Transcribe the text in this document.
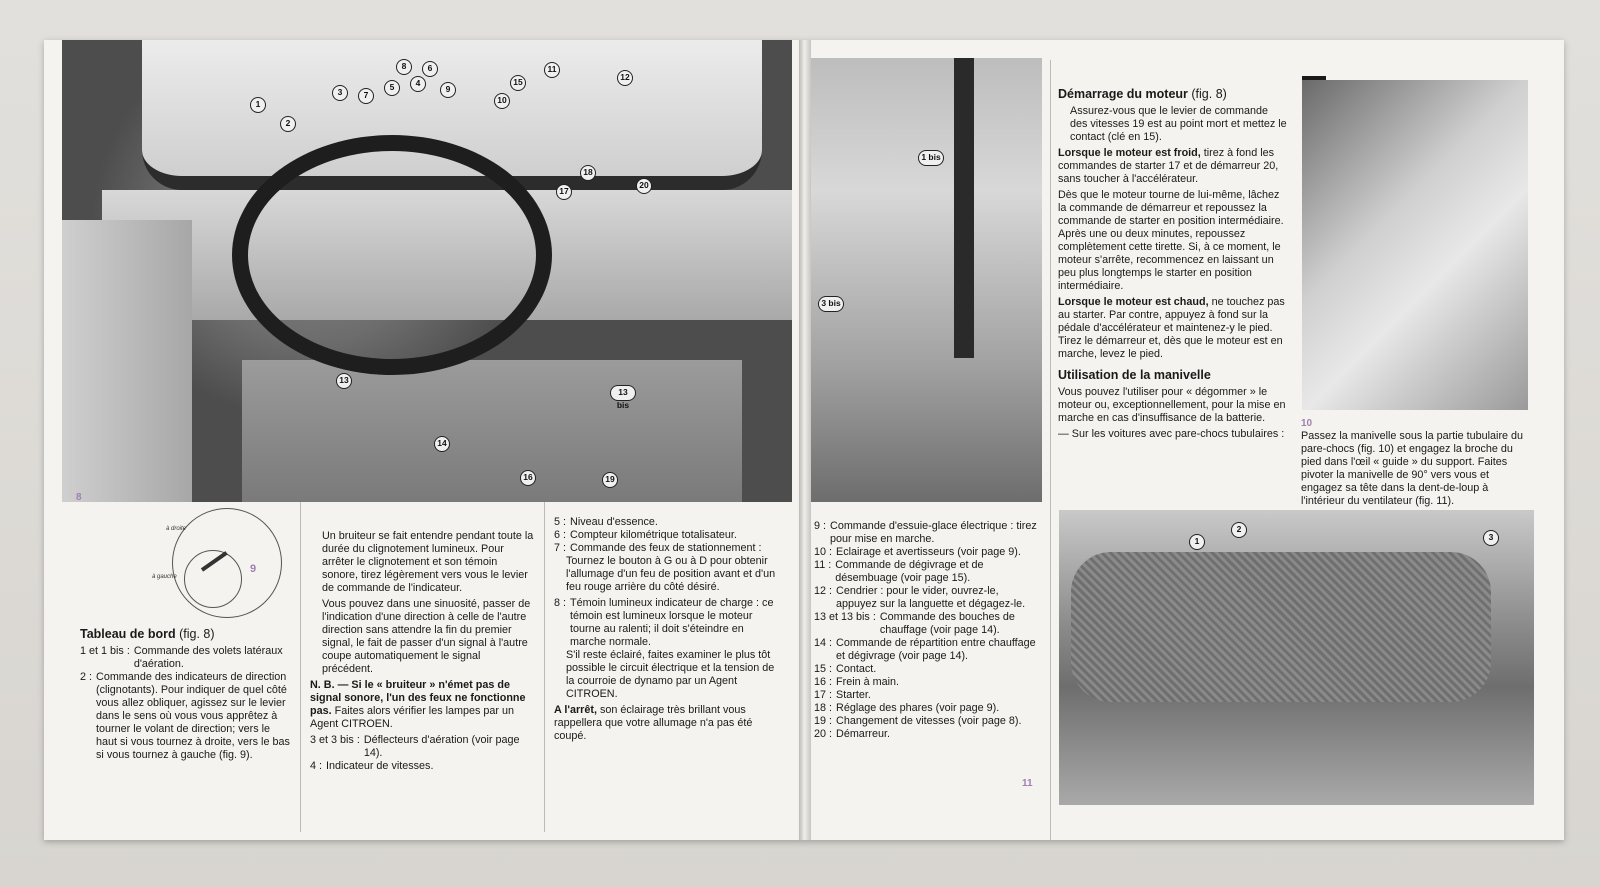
1
2
3	7
5
8
4
6
9
10
15
11
12
18
17
20
13
14
16	19
13 bis
8
9
à droite
à gauche
Tableau de bord (fig. 8)
1 et 1 bis : Commande des volets latéraux d'aération.
2 : Commande des indicateurs de direction (clignotants). Pour indiquer de quel côté vous allez obliquer, agissez sur le levier dans le sens où vous vous apprêtez à tourner le volant de direction; vers le haut si vous tournez à droite, vers le bas si vous tournez à gauche (fig. 9).

Un bruiteur se fait entendre pendant toute la durée du clignotement lumineux. Pour arrêter le clignotement et son témoin sonore, tirez légèrement vers vous le levier de commande de l'indicateur.

Vous pouvez dans une sinuosité, passer de l'indication d'une direction à celle de l'autre direction sans attendre la fin du premier signal, le fait de passer d'un signal à l'autre coupe automatiquement le signal précédent.

N. B. — Si le « bruiteur » n'émet pas de signal sonore, l'un des feux ne fonctionne pas. Faites alors vérifier les lampes par un Agent CITROEN.

3 et 3 bis : Déflecteurs d'aération (voir page 14).
4 : Indicateur de vitesses.
5 : Niveau d'essence.
6 : Compteur kilométrique totalisateur.
7 : Commande des feux de stationnement :

Tournez le bouton à G ou à D pour obtenir l'allumage d'un feu de position avant et d'un feu rouge arrière du côté désiré.

8 : Témoin lumineux indicateur de charge : ce témoin est lumineux lorsque le moteur tourne au ralenti; il doit s'éteindre en marche normale.

S'il reste éclairé, faites examiner le plus tôt possible le circuit électrique et la tension de la courroie de dynamo par un Agent CITROEN.

A l'arrêt, son éclairage très brillant vous rappellera que votre allumage n'a pas été coupé.

1 bis
3 bis
9 : Commande d'essuie-glace électrique : tirez pour mise en marche.
10 : Eclairage et avertisseurs (voir page 9).
11 : Commande de dégivrage et de désembuage (voir page 15).
12 : Cendrier : pour le vider, ouvrez-le, appuyez sur la languette et dégagez-le.
13 et 13 bis : Commande des bouches de chauffage (voir page 14).
14 : Commande de répartition entre chauffage et dégivrage (voir page 14).
15 : Contact.
16 : Frein à main.
17 : Starter.
18 : Réglage des phares (voir page 9).
19 : Changement de vitesses (voir page 8).
20 : Démarreur.
11
Démarrage du moteur (fig. 8)

Assurez-vous que le levier de commande des vitesses 19 est au point mort et mettez le contact (clé en 15).

Lorsque le moteur est froid, tirez à fond les commandes de starter 17 et de démarreur 20, sans toucher à l'accélérateur.

Dès que le moteur tourne de lui-même, lâchez la commande de démarreur et repoussez la commande de starter en position intermédiaire. Après une ou deux minutes, repoussez complètement cette tirette. Si, à ce moment, le moteur s'arrête, recommencez en laissant un peu plus longtemps le starter en position intermédiaire.

Lorsque le moteur est chaud, ne touchez pas au starter. Par contre, appuyez à fond sur la pédale d'accélérateur et maintenez-y le pied. Tirez le démarreur et, dès que le moteur est en marche, levez le pied.

Utilisation de la manivelle

Vous pouvez l'utiliser pour « dégommer » le moteur ou, exceptionnellement, pour la mise en marche en cas d'insuffisance de la batterie.

— Sur les voitures avec pare-chocs tubulaires :

10

Passez la manivelle sous la partie tubulaire du pare-chocs (fig. 10) et engagez la broche du pied dans l'œil « guide » du support. Faites pivoter la manivelle de 90° vers vous et engagez sa tête dans la dent-de-loup à l'intérieur du ventilateur (fig. 11).

1
2
3
